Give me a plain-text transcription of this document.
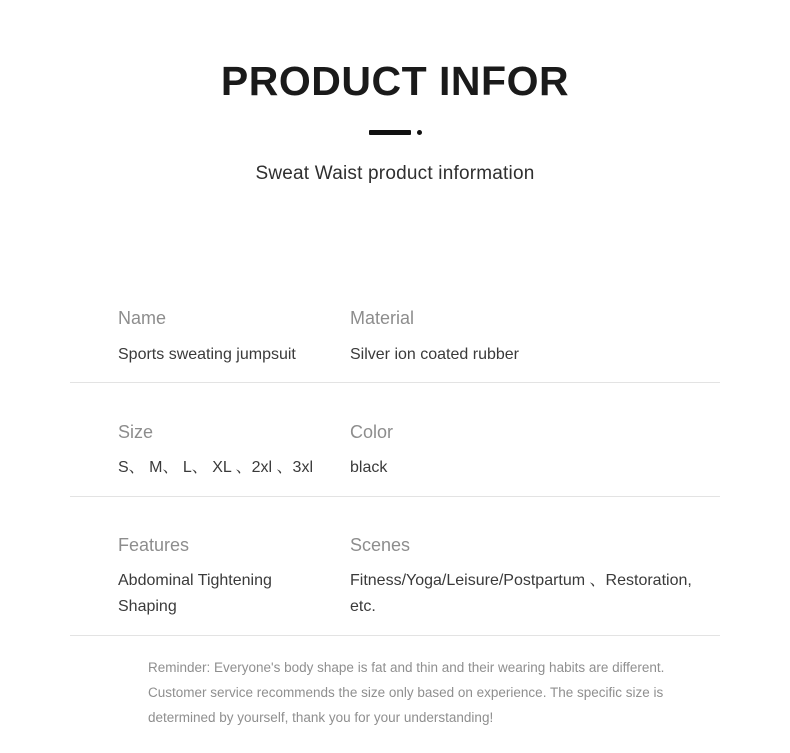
PRODUCT INFOR
Sweat Waist product information
Name
Sports sweating jumpsuit
Material
Silver ion coated rubber
Size
S、 M、 L、 XL 、2xl 、3xl
Color
black
Features
Abdominal Tightening Shaping
Scenes
Fitness/Yoga/Leisure/Postpartum 、Restoration, etc.
Reminder: Everyone's body shape is fat and thin and their wearing habits are different. Customer service recommends the size only based on experience. The specific size is determined by yourself, thank you for your understanding!
